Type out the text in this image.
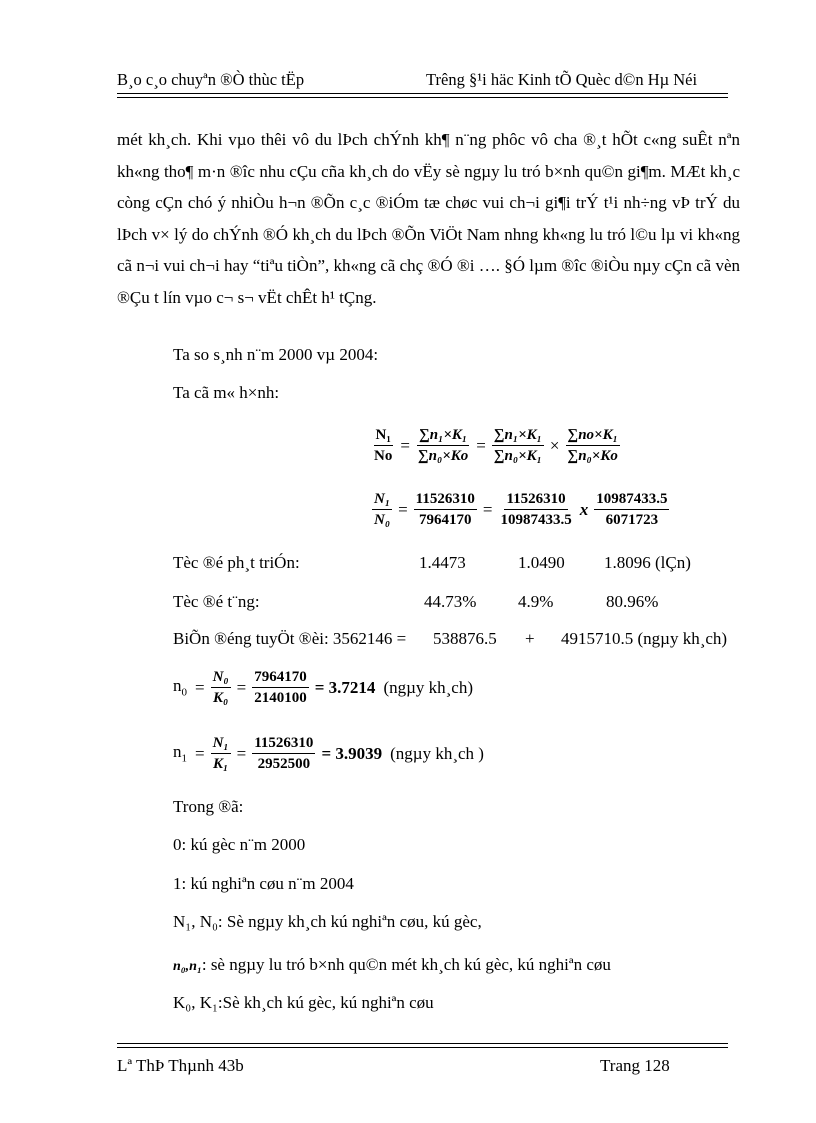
B¸o c¸o chuyªn ®Ò thùc tËp	Trêng §¹i häc Kinh tÕ Quèc d©n Hµ Néi
mét kh¸ch. Khi vµo thêi vô du lÞch chÝnh kh¶ n¨ng phôc vô cha ®¸t hÕt c«ng suÊt nªn kh«ng tho¶ m·n ®îc nhu cÇu cña kh¸ch do vËy sè ngµy lu tró b×nh qu©n gi¶m. MÆt kh¸c còng cÇn chó ý nhiÒu h¬n ®Õn c¸c ®iÓm tæ chøc vui ch¬i gi¶i trÝ t¹i nh÷ng vÞ trÝ du lÞch v× lý do chÝnh ®Ó kh¸ch du lÞch ®Õn ViÖt Nam nhng kh«ng lu tró l©u lµ vi kh«ng cã n¬i vui ch¬i hay “tiªu tiÒn”, kh«ng cã chç ®Ó ®i …. §Ó lµm ®îc ®iÒu nµy cÇn cã vèn ®Çu t lín vµo c¬ s¬ vËt chÊt h¹ tÇng.
Ta so s¸nh n¨m 2000 vµ 2004:
Ta cã m« h×nh:
$\frac{\text{N₁}}{No} = \frac{\text{∑n₁×K₁}}{\text{∑n₀×Ko}} = \frac{\text{∑n₁×K₁}}{\text{∑n₀×K₁}} \times \frac{\text{∑no×K₁}}{\text{∑n₀×Ko}}$
$\frac{\text{N₁}}{\text{N₀}} = \frac{11526310}{7964170} = \frac{11526310}{10987433.5}$ x $\frac{10987433.5}{6071723}$
Tèc ®é ph¸t triÓn:	1.4473	1.0490 1.8096 (lÇn)
Tèc ®é t¨ng:	44.73% 4.9%	80.96%
BiÕn ®éng tuyÖt ®èi: 3562146 = 538876.5 + 4915710.5 (ngµy kh¸ch)
$n_0 = \frac{\text{N₀}}{\text{K₀}} = \frac{7964170}{2140100} = 3.7214$ (ngµy kh¸ch)
$n_1 = \frac{\text{N₁}}{\text{K₁}} = \frac{11526310}{2952500} = 3.9039$ (ngµy kh¸ch )
Trong ®ã:
0: kú gèc n¨m 2000
1: kú nghiªn cøu n¨m 2004
N₁, N₀: Sè ngµy kh¸ch kú nghiªn cøu, kú gèc,
n₀,n₁: sè ngµy lu tró b×nh qu©n mét kh¸ch kú gèc, kú nghiªn cøu
K₀, K₁:Sè kh¸ch kú gèc, kú nghiªn cøu
Lª ThÞ Thµnh 43b	Trang 128
